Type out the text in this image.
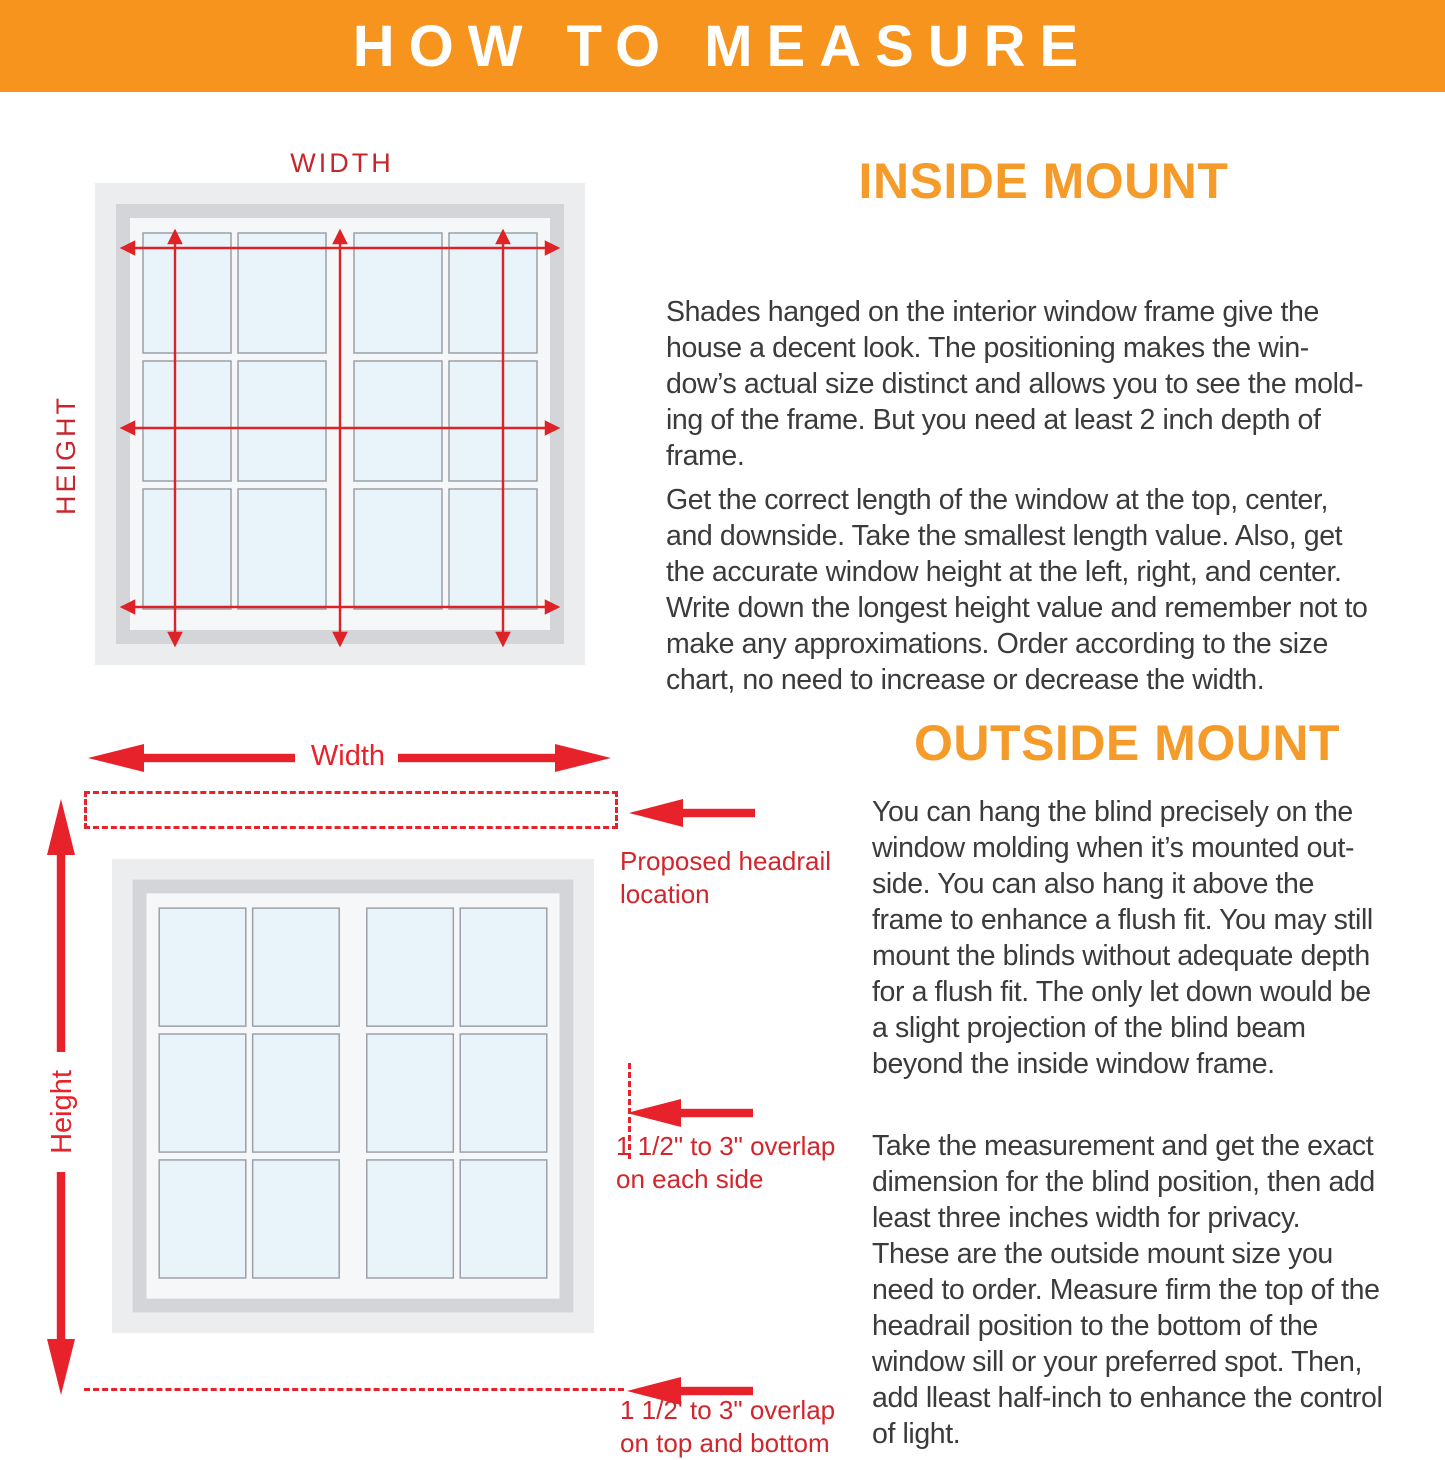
HOW TO MEASURE
WIDTH
HEIGHT
INSIDE MOUNT
Shades hanged on the interior window frame give the
house a decent look. The positioning makes the win-
dow’s actual size distinct and allows you to see the mold-
ing of the frame. But you need at least 2 inch depth of
frame.
Get the correct length of the window at the top, center,
and downside. Take the smallest length value. Also, get
the accurate window height at the left, right, and center.
Write down the longest height value and remember not to
make any approximations. Order according to the size
chart, no need to increase or decrease the width.
OUTSIDE MOUNT
You can hang the blind precisely on the
window molding when it’s mounted out-
side. You can also hang it above the
frame to enhance a flush fit. You may still
mount the blinds without adequate depth
for a flush fit. The only let down would be
a slight projection of the blind beam
beyond the inside window frame.
Take the measurement and get the exact
dimension for the blind position, then add
least three inches width for privacy.
These are the outside mount size you
need to order. Measure firm the top of the
headrail position to the bottom of the
window sill or your preferred spot. Then,
add lleast half-inch to enhance the control
of light.
Width
Proposed headrail
location
Height	1 1/2" to 3" overlap
on each side
1 1/2' to 3" overlap
on top and bottom
